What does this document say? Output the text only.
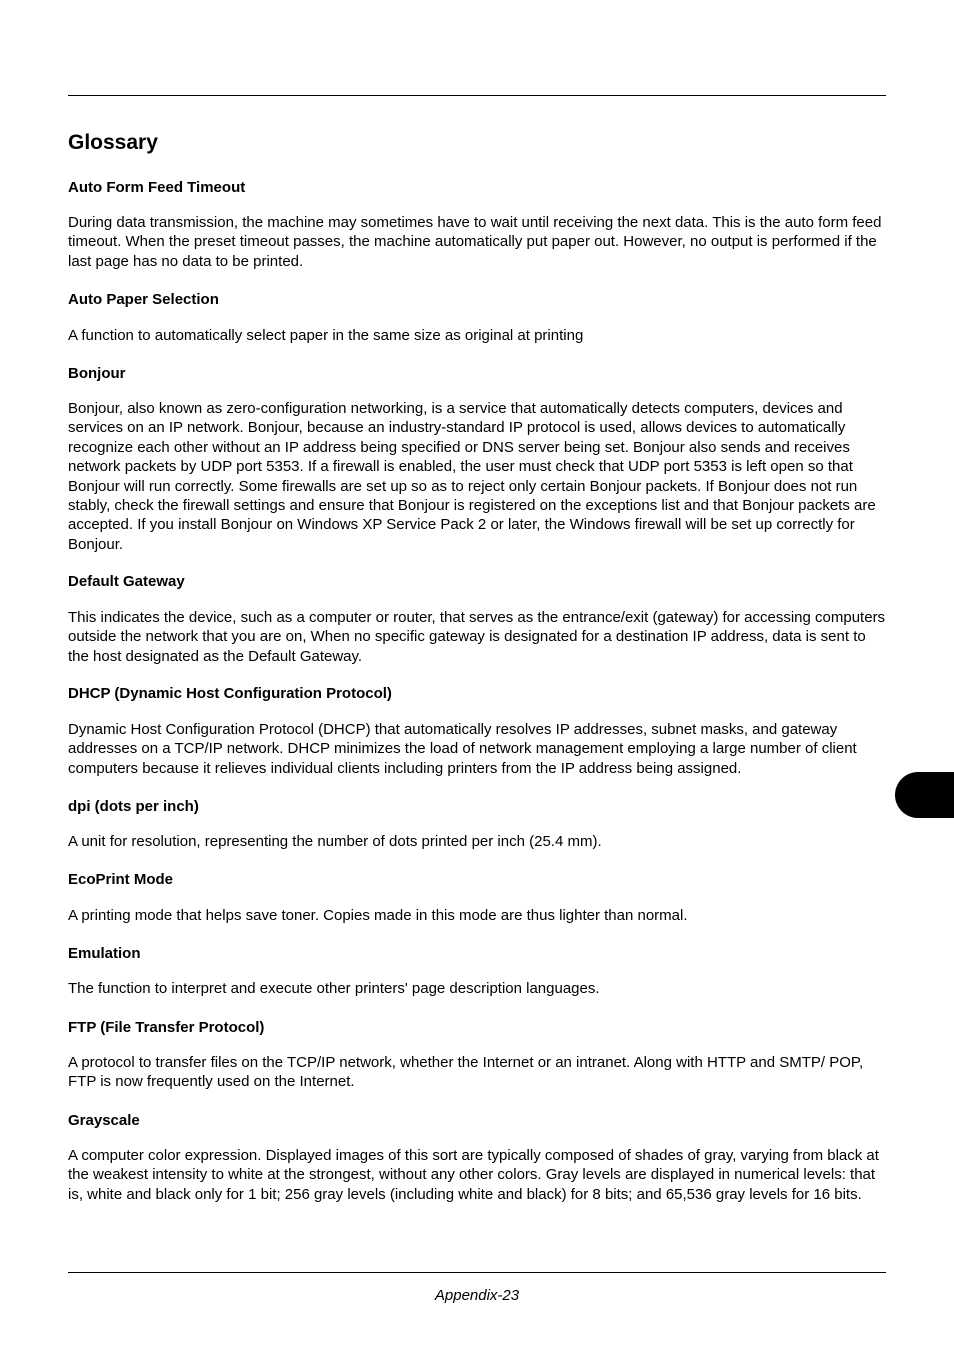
Glossary

Auto Form Feed Timeout

During data transmission, the machine may sometimes have to wait until receiving the next data. This is the auto form feed timeout. When the preset timeout passes, the machine automatically put paper out. However, no output is performed if the last page has no data to be printed.

Auto Paper Selection

A function to automatically select paper in the same size as original at printing

Bonjour

Bonjour, also known as zero-configuration networking, is a service that automatically detects computers, devices and services on an IP network. Bonjour, because an industry-standard IP protocol is used, allows devices to automatically recognize each other without an IP address being specified or DNS server being set. Bonjour also sends and receives network packets by UDP port 5353. If a firewall is enabled, the user must check that UDP port 5353 is left open so that Bonjour will run correctly. Some firewalls are set up so as to reject only certain Bonjour packets. If Bonjour does not run stably, check the firewall settings and ensure that Bonjour is registered on the exceptions list and that Bonjour packets are accepted. If you install Bonjour on Windows XP Service Pack 2 or later, the Windows firewall will be set up correctly for Bonjour.

Default Gateway

This indicates the device, such as a computer or router, that serves as the entrance/exit (gateway) for accessing computers outside the network that you are on, When no specific gateway is designated for a destination IP address, data is sent to the host designated as the Default Gateway.

DHCP (Dynamic Host Configuration Protocol)

Dynamic Host Configuration Protocol (DHCP) that automatically resolves IP addresses, subnet masks, and gateway addresses on a TCP/IP network. DHCP minimizes the load of network management employing a large number of client computers because it relieves individual clients including printers from the IP address being assigned.

dpi (dots per inch)

A unit for resolution, representing the number of dots printed per inch (25.4 mm).

EcoPrint Mode

A printing mode that helps save toner. Copies made in this mode are thus lighter than normal.

Emulation

The function to interpret and execute other printers' page description languages.

FTP (File Transfer Protocol)

A protocol to transfer files on the TCP/IP network, whether the Internet or an intranet. Along with HTTP and SMTP/ POP, FTP is now frequently used on the Internet.

Grayscale

A computer color expression. Displayed images of this sort are typically composed of shades of gray, varying from black at the weakest intensity to white at the strongest, without any other colors. Gray levels are displayed in numerical levels: that is, white and black only for 1 bit; 256 gray levels (including white and black) for 8 bits; and 65,536 gray levels for 16 bits.

Appendix-23
